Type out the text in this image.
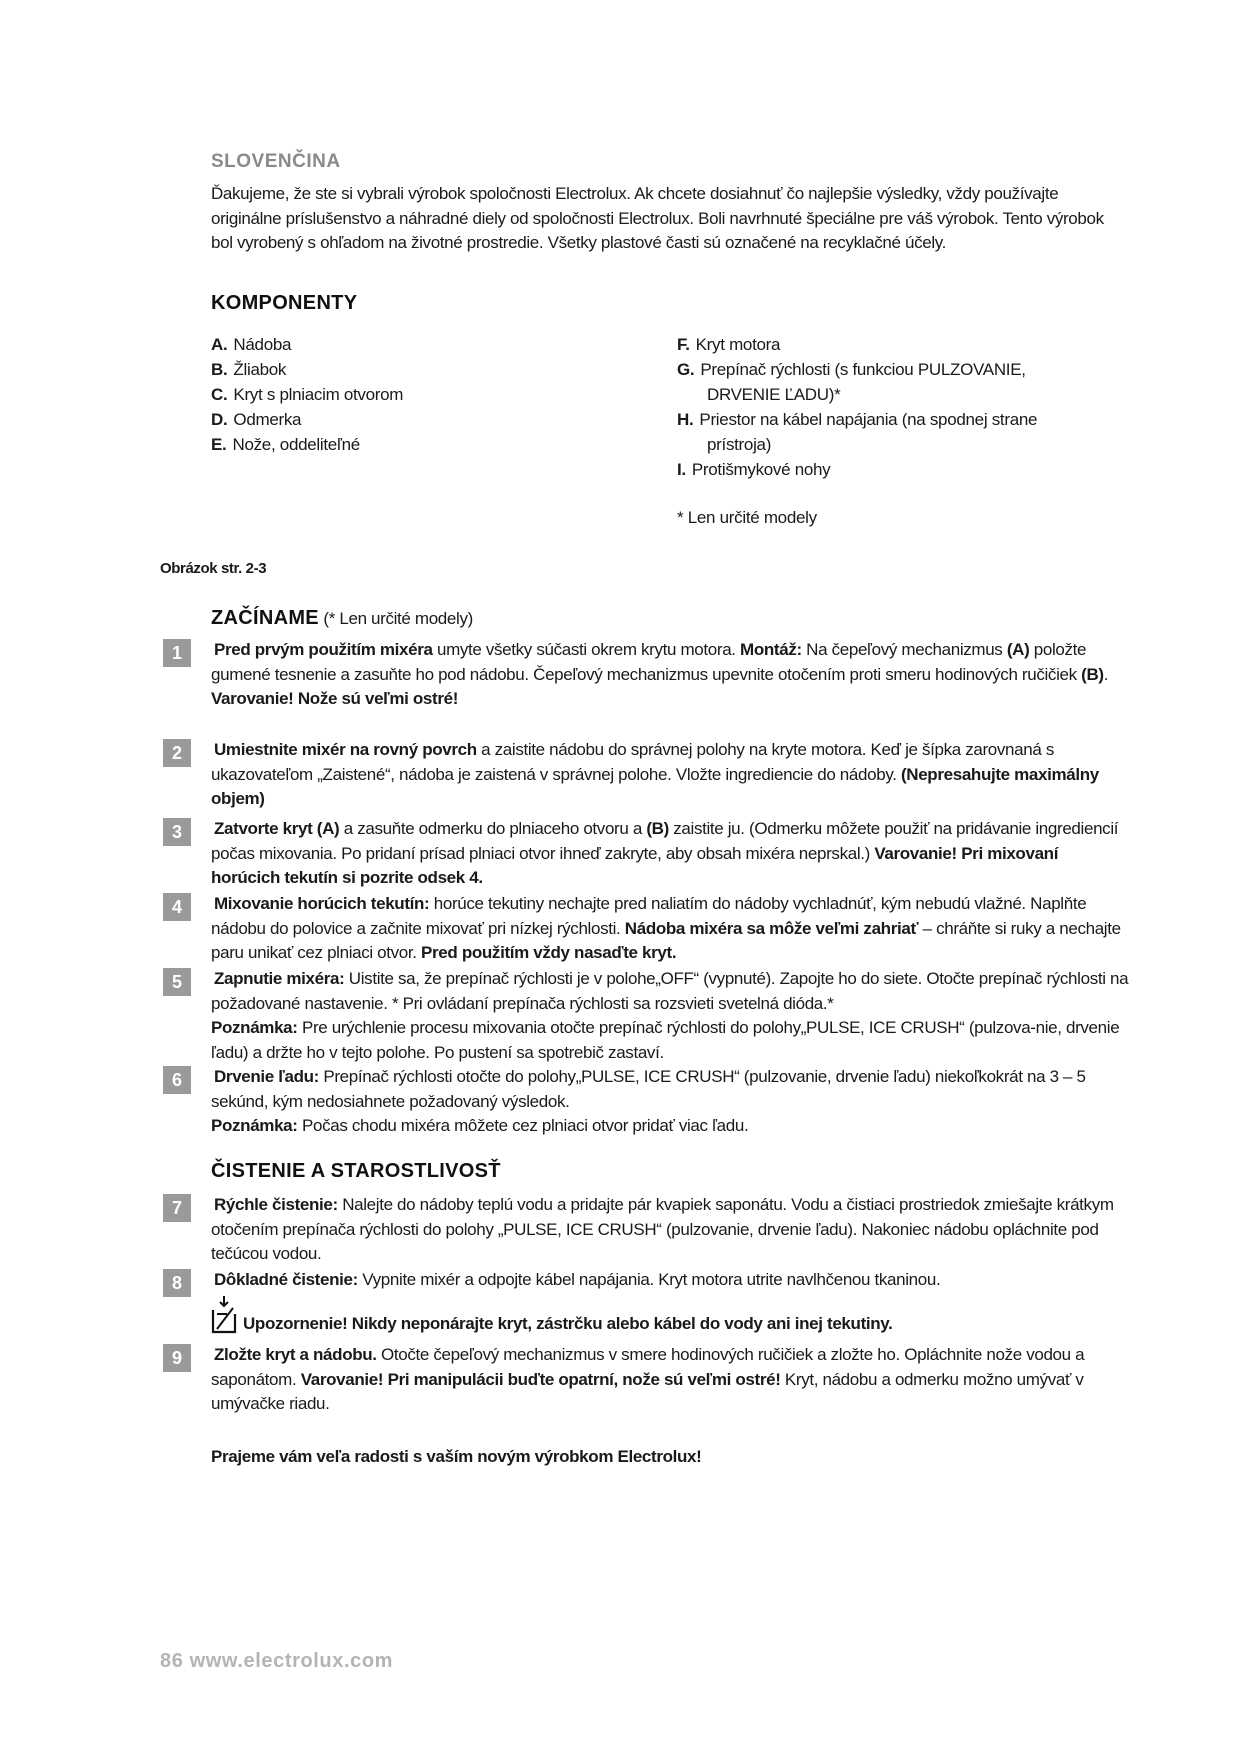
SLOVENČINA

Ďakujeme, že ste si vybrali výrobok spoločnosti Electrolux. Ak chcete dosiahnuť čo najlepšie výsledky, vždy používajte originálne príslušenstvo a náhradné diely od spoločnosti Electrolux. Boli navrhnuté špeciálne pre váš výrobok. Tento výrobok bol vyrobený s ohľadom na životné prostredie. Všetky plastové časti sú označené na recyklačné účely.

KOMPONENTY
A. Nádoba
B. Žliabok
C. Kryt s plniacim otvorom
D. Odmerka
E. Nože, oddeliteľné
F. Kryt motora
G. Prepínač rýchlosti (s funkciou PULZOVANIE,
DRVENIE ĽADU)*
H. Priestor na kábel napájania (na spodnej strane
prístroja)
I. Protišmykové nohy
* Len určité modely
Obrázok str. 2-3
ZAČÍNAME (* Len určité modely)
ČISTENIE A STAROSTLIVOSŤ
Upozornenie! Nikdy neponárajte kryt, zástrčku alebo kábel do vody ani inej tekutiny.
Prajeme vám veľa radosti s vaším novým výrobkom Electrolux!
86 www.electrolux.com
1	Pred prvým použitím mixéra umyte všetky súčasti okrem krytu motora. Montáž: Na čepeľový mechanizmus (A) položte gumené tesnenie a zasuňte ho pod nádobu. Čepeľový mechanizmus upevnite otočením proti smeru hodinových ručičiek (B).
Varovanie! Nože sú veľmi ostré!

2	Umiestnite mixér na rovný povrch a zaistite nádobu do správnej polohy na kryte motora. Keď je šípka zarovnaná s ukazovateľom „Zaistené“, nádoba je zaistená v správnej polohe. Vložte ingrediencie do nádoby. (Nepresahujte maximálny objem)

3	Zatvorte kryt (A) a zasuňte odmerku do plniaceho otvoru a (B) zaistite ju. (Odmerku môžete použiť na pridávanie ingrediencií počas mixovania. Po pridaní prísad plniaci otvor ihneď zakryte, aby obsah mixéra neprskal.) Varovanie! Pri mixovaní horúcich tekutín si pozrite odsek 4.

4	Mixovanie horúcich tekutín: horúce tekutiny nechajte pred naliatím do nádoby vychladnúť, kým nebudú vlažné. Naplňte nádobu do polovice a začnite mixovať pri nízkej rýchlosti. Nádoba mixéra sa môže veľmi zahriať – chráňte si ruky a nechajte paru unikať cez plniaci otvor. Pred použitím vždy nasaďte kryt.

5	Zapnutie mixéra: Uistite sa, že prepínač rýchlosti je v polohe„OFF“ (vypnuté). Zapojte ho do siete. Otočte prepínač rýchlosti na požadované nastavenie. * Pri ovládaní prepínača rýchlosti sa rozsvieti svetelná dióda.*
Poznámka: Pre urýchlenie procesu mixovania otočte prepínač rýchlosti do polohy„PULSE, ICE CRUSH“ (pulzova-nie, drvenie ľadu) a držte ho v tejto polohe. Po pustení sa spotrebič zastaví.

6	Drvenie ľadu: Prepínač rýchlosti otočte do polohy„PULSE, ICE CRUSH“ (pulzovanie, drvenie ľadu) niekoľkokrát na 3 – 5 sekúnd, kým nedosiahnete požadovaný výsledok.
Poznámka: Počas chodu mixéra môžete cez plniaci otvor pridať viac ľadu.

7	Rýchle čistenie: Nalejte do nádoby teplú vodu a pridajte pár kvapiek saponátu. Vodu a čistiaci prostriedok zmiešajte krátkym otočením prepínača rýchlosti do polohy „PULSE, ICE CRUSH“ (pulzovanie, drvenie ľadu). Nakoniec nádobu opláchnite pod tečúcou vodou.

8	Dôkladné čistenie: Vypnite mixér a odpojte kábel napájania. Kryt motora utrite navlhčenou tkaninou.

9	Zložte kryt a nádobu. Otočte čepeľový mechanizmus v smere hodinových ručičiek a zložte ho. Opláchnite nože vodou a saponátom. Varovanie! Pri manipulácii buďte opatrní, nože sú veľmi ostré! Kryt, nádobu a odmerku možno umývať v umývačke riadu.
